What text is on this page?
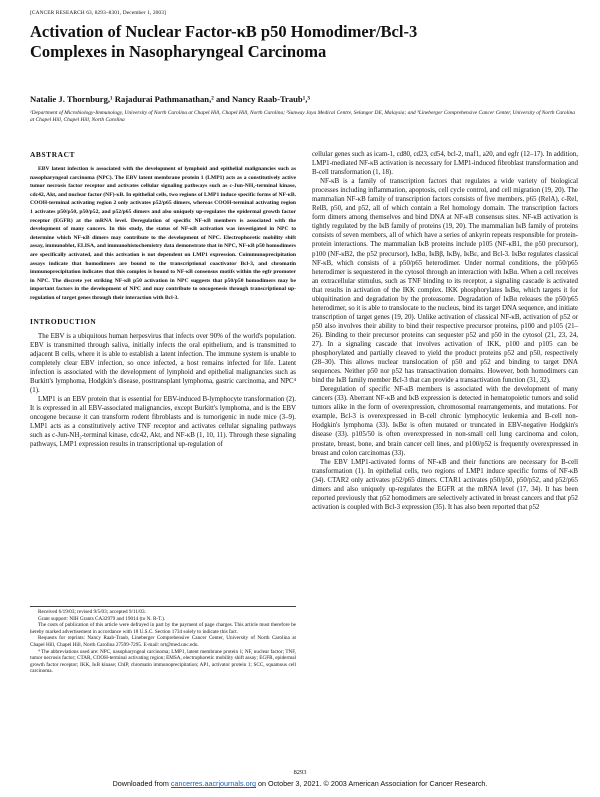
[CANCER RESEARCH 63, 8293–8301, December 1, 2003]
Activation of Nuclear Factor-κB p50 Homodimer/Bcl-3 Complexes in Nasopharyngeal Carcinoma
Natalie J. Thornburg,¹ Rajadurai Pathmanathan,² and Nancy Raab-Traub¹,³
¹Department of Microbiology-Immunology, University of North Carolina at Chapel Hill, Chapel Hill, North Carolina; ²Sunway Jaya Medical Centre, Selangor DE, Malaysia; and ³Lineberger Comprehensive Cancer Center, University of North Carolina at Chapel Hill, Chapel Hill, North Carolina
ABSTRACT

EBV latent infection is associated with the development of lymphoid and epithelial malignancies such as nasopharyngeal carcinoma (NPC). The EBV latent membrane protein 1 (LMP1) acts as a constitutively active tumor necrosis factor receptor and activates cellular signaling pathways such as c-Jun-NH₂-terminal kinase, cdc42, Akt, and nuclear factor (NF)-κB. In epithelial cells, two regions of LMP1 induce specific forms of NF-κB. COOH-terminal activating region 2 only activates p52/p65 dimers, whereas COOH-terminal activating region 1 activates p50/p50, p50/p52, and p52/p65 dimers and also uniquely up-regulates the epidermal growth factor receptor (EGFR) at the mRNA level. Deregulation of specific NF-κB members is associated with the development of many cancers. In this study, the status of NF-κB activation was investigated in NPC to determine which NF-κB dimers may contribute to the development of NPC. Electrophoretic mobility shift assay, immunoblot, ELISA, and immunohistochemistry data demonstrate that in NPC, NF-κB p50 homodimers are specifically activated, and this activation is not dependent on LMP1 expression. Coimmunoprecipitation assays indicate that homodimers are bound to the transcriptional coactivator Bcl-3, and chromatin immunoprecipitation indicates that this complex is bound to NF-κB consensus motifs within the egfr promoter in NPC. The discrete yet striking NF-κB p50 activation in NPC suggests that p50/p50 homodimers may be important factors in the development of NPC and may contribute to oncogenesis through transcriptional up-regulation of target genes through their interaction with Bcl-3.

INTRODUCTION

The EBV is a ubiquitous human herpesvirus that infects over 90% of the world's population. EBV is transmitted through saliva, initially infects the oral epithelium, and is transmitted to adjacent B cells, where it is able to establish a latent infection. The immune system is unable to completely clear EBV infection, so once infected, a host remains infected for life. Latent infection is associated with the development of lymphoid and epithelial malignancies such as Burkitt's lymphoma, Hodgkin's disease, posttransplant lymphoma, gastric carcinoma, and NPC⁴ (1).

LMP1 is an EBV protein that is essential for EBV-induced B-lymphocyte transformation (2). It is expressed in all EBV-associated malignancies, except Burkitt's lymphoma, and is the EBV oncogene because it can transform rodent fibroblasts and is tumorigenic in nude mice (3–9). LMP1 acts as a constitutively active TNF receptor and activates cellular signaling pathways such as c-Jun-NH₂-terminal kinase, cdc42, Akt, and NF-κB (1, 10, 11). Through these signaling pathways, LMP1 expression results in transcriptional up-regulation of

Received 6/19/03; revised 9/5/03; accepted 9/11/03.

Grant support: NIH Grants CA32979 and 19014 (to N. R-T.).

The costs of publication of this article were defrayed in part by the payment of page charges. This article must therefore be hereby marked advertisement in accordance with 18 U.S.C. Section 1734 solely to indicate this fact.

Requests for reprints: Nancy Raab-Traub, Lineberger Comprehensive Cancer Center, University of North Carolina at Chapel Hill, Chapel Hill, North Carolina 27599-7295. E-mail: nrt@med.unc.edu.

⁴ The abbreviations used are: NPC, nasopharyngeal carcinoma; LMP1, latent membrane protein 1; NF, nuclear factor; TNF, tumor necrosis factor; CTAR, COOH-terminal activating region; EMSA, electrophoretic mobility shift assay; EGFR, epidermal growth factor receptor; IKK, IκB kinase; ChIP, chromatin immunoprecipitation; AP1, activator protein 1; SCC, squamous cell carcinoma.

cellular genes such as icam-1, cd80, cd23, cd54, bcl-2, tnaf1, a20, and egfr (12–17). In addition, LMP1-mediated NF-κB activation is necessary for LMP1-induced fibroblast transformation and B-cell transformation (1, 18).

NF-κB is a family of transcription factors that regulates a wide variety of biological processes including inflammation, apoptosis, cell cycle control, and cell migration (19, 20). The mammalian NF-κB family of transcription factors consists of five members, p65 (RelA), c-Rel, RelB, p50, and p52, all of which contain a Rel homology domain. The transcription factors form dimers among themselves and bind DNA at NF-κB consensus sites. NF-κB activation is tightly regulated by the IκB family of proteins (19, 20). The mammalian IκB family of proteins consists of seven members, all of which have a series of ankyrin repeats responsible for protein-protein interactions. The mammalian IκB proteins include p105 (NF-κB1, the p50 precursor), p100 (NF-κB2, the p52 precursor), IκBα, IκBβ, IκBγ, IκBε, and Bcl-3. IκBα regulates classical NF-κB, which consists of a p50/p65 heterodimer. Under normal conditions, the p50/p65 heterodimer is sequestered in the cytosol through an interaction with IκBα. When a cell receives an extracellular stimulus, such as TNF binding to its receptor, a signaling cascade is activated that results in activation of the IKK complex. IKK phosphorylates IκBα, which targets it for ubiquitination and degradation by the proteasome. Degradation of IκBα releases the p50/p65 heterodimer, so it is able to translocate to the nucleus, bind its target DNA sequence, and initiate transcription of target genes (19, 20). Unlike activation of classical NF-κB, activation of p52 or p50 also involves their ability to bind their respective precursor proteins, p100 and p105 (21–26). Binding to their precursor proteins can sequester p52 and p50 in the cytosol (21, 23, 24, 27). In a signaling cascade that involves activation of IKK, p100 and p105 can be phosphorylated and partially cleaved to yield the product proteins p52 and p50, respectively (28–30). This allows nuclear translocation of p50 and p52 and binding to target DNA sequences. Neither p50 nor p52 has transactivation domains. However, both homodimers can bind the IκB family member Bcl-3 that can provide a transactivation function (31, 32).

Deregulation of specific NF-κB members is associated with the development of many cancers (33). Aberrant NF-κB and IκB expression is detected in hematopoietic tumors and solid tumors alike in the form of overexpression, chromosomal rearrangements, and mutations. For example, Bcl-3 is overexpressed in B-cell chronic lymphocytic leukemia and B-cell non-Hodgkin's lymphoma (33). IκBα is often mutated or truncated in EBV-negative Hodgkin's disease (33). p105/50 is often overexpressed in non-small cell lung carcinoma and colon, prostate, breast, bone, and brain cancer cell lines, and p100/p52 is frequently overexpressed in breast and colon carcinomas (33).

The EBV LMP1-activated forms of NF-κB and their functions are necessary for B-cell transformation (1). In epithelial cells, two regions of LMP1 induce specific forms of NF-κB (34). CTAR2 only activates p52/p65 dimers. CTAR1 activates p50/p50, p50/p52, and p52/p65 dimers and also uniquely up-regulates the EGFR at the mRNA level (17, 34). It has been reported previously that p52 homodimers are selectively activated in breast cancers and that p52 activation is coupled with Bcl-3 expression (35). It has also been reported that p52

8293
Downloaded from cancerres.aacrjournals.org on October 3, 2021. © 2003 American Association for Cancer Research.
